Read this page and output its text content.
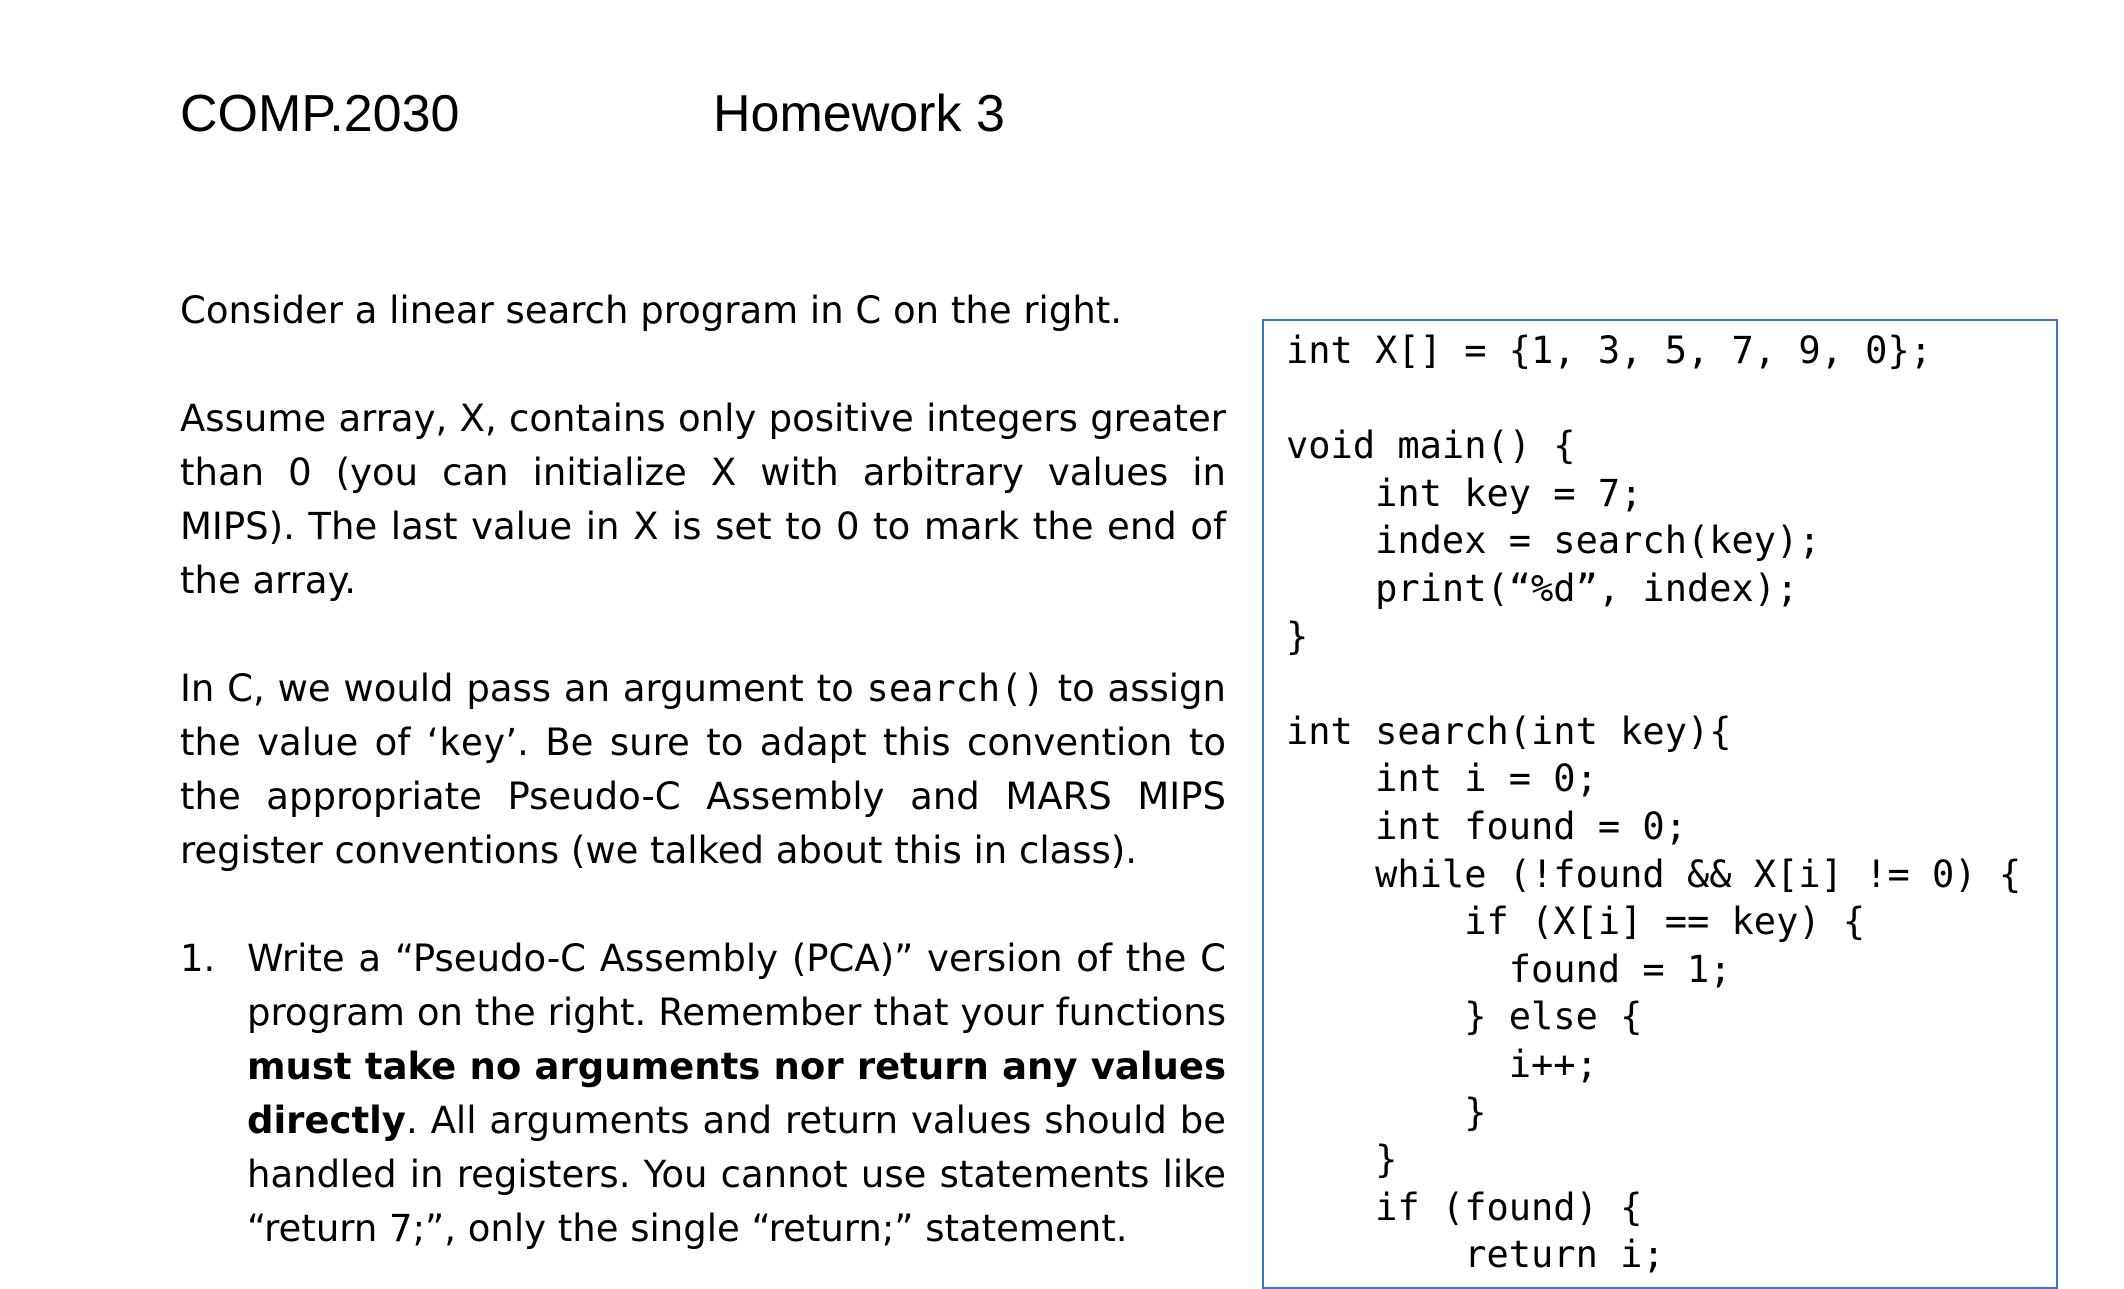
COMP.2030	Homework 3

Consider a linear search program in C on the right.

Assume array, X, contains only positive integers greater than 0 (you can initialize X with arbitrary values in MIPS). The last value in X is set to 0 to mark the end of the array.

In C, we would pass an argument to search() to assign the value of ‘key’. Be sure to adapt this convention to the appropriate Pseudo-C Assembly and MARS MIPS register conventions (we talked about this in class).

1. Write a “Pseudo-C Assembly (PCA)” version of the C program on the right. Remember that your functions must take no arguments nor return any values directly. All arguments and return values should be handled in registers. You cannot use statements like “return 7;”, only the single “return;” statement.
int X[] = {1, 3, 5, 7, 9, 0};

void main() {
int key = 7;
index = search(key);
print(“%d”, index);
}

int search(int key){
int i = 0;
int found = 0;
while (!found && X[i] != 0) {
if (X[i] == key) {
found = 1;
} else {
i++;
}
}
if (found) {
return i;
